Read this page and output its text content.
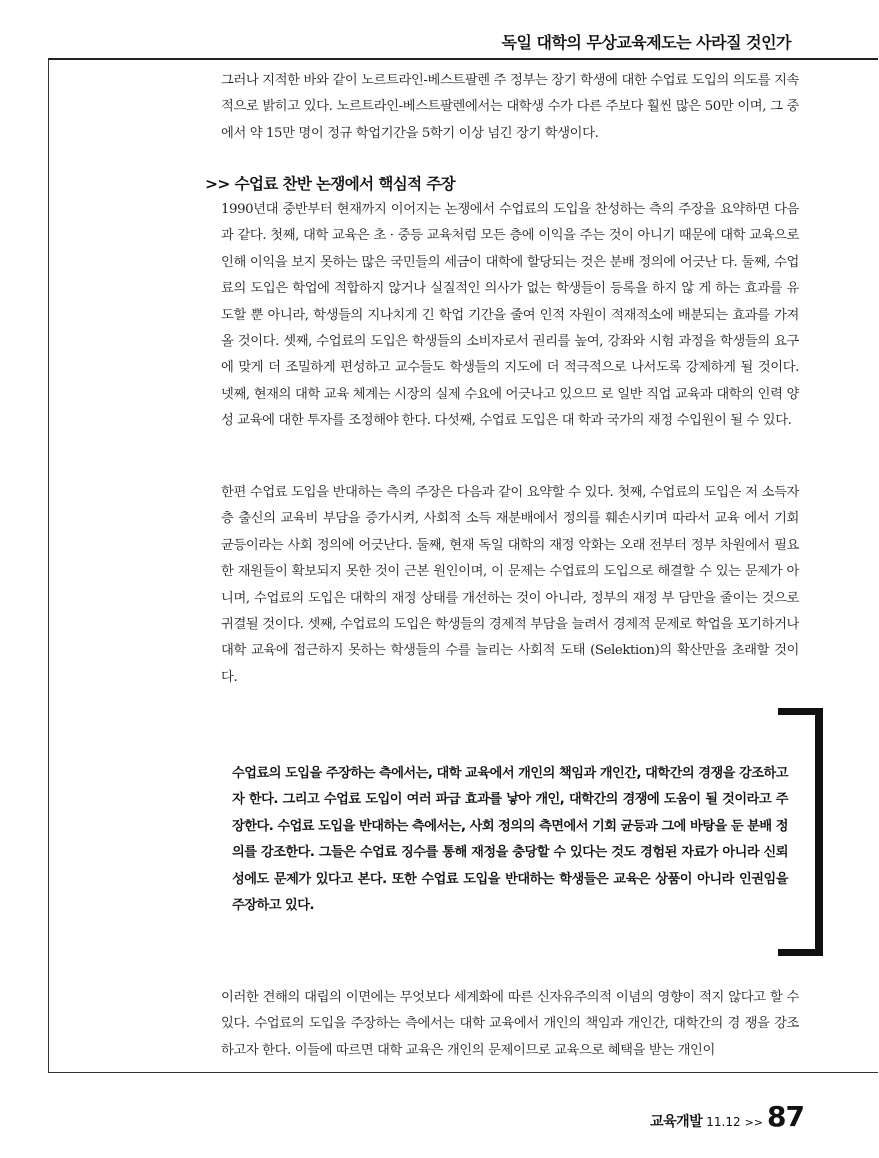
독일 대학의 무상교육제도는 사라질 것인가

그러나 지적한 바와 같이 노르트라인-베스트팔렌 주 정부는 장기 학생에 대한 수업료 도입의 의도를 지속적으로 밝히고 있다. 노르트라인-베스트팔렌에서는 대학생 수가 다른 주보다 훨씬 많은 50만 이며, 그 중에서 약 15만 명이 정규 학업기간을 5학기 이상 넘긴 장기 학생이다.

>> 수업료 찬반 논쟁에서 핵심적 주장

1990년대 중반부터 현재까지 이어지는 논쟁에서 수업료의 도입을 찬성하는 측의 주장을 요약하면 다음과 같다. 첫째, 대학 교육은 초 · 중등 교육처럼 모든 층에 이익을 주는 것이 아니기 때문에 대학 교육으로 인해 이익을 보지 못하는 많은 국민들의 세금이 대학에 할당되는 것은 분배 정의에 어긋난 다. 둘째, 수업료의 도입은 학업에 적합하지 않거나 실질적인 의사가 없는 학생들이 등록을 하지 않 게 하는 효과를 유도할 뿐 아니라, 학생들의 지나치게 긴 학업 기간을 줄여 인적 자원이 적재적소에 배분되는 효과를 가져올 것이다. 셋째, 수업료의 도입은 학생들의 소비자로서 권리를 높여, 강좌와 시험 과정을 학생들의 요구에 맞게 더 조밀하게 편성하고 교수들도 학생들의 지도에 더 적극적으로 나서도록 강제하게 될 것이다. 넷째, 현재의 대학 교육 체계는 시장의 실제 수요에 어긋나고 있으므 로 일반 직업 교육과 대학의 인력 양성 교육에 대한 투자를 조정해야 한다. 다섯째, 수업료 도입은 대 학과 국가의 재정 수입원이 될 수 있다.

한편 수업료 도입을 반대하는 측의 주장은 다음과 같이 요약할 수 있다. 첫째, 수업료의 도입은 저 소득자층 출신의 교육비 부담을 증가시켜, 사회적 소득 재분배에서 정의를 훼손시키며 따라서 교육 에서 기회 균등이라는 사회 정의에 어긋난다. 둘째, 현재 독일 대학의 재정 악화는 오래 전부터 정부 차원에서 필요한 재원들이 확보되지 못한 것이 근본 원인이며, 이 문제는 수업료의 도입으로 해결할 수 있는 문제가 아니며, 수업료의 도입은 대학의 재정 상태를 개선하는 것이 아니라, 정부의 재정 부 담만을 줄이는 것으로 귀결될 것이다. 셋째, 수업료의 도입은 학생들의 경제적 부담을 늘려서 경제적 문제로 학업을 포기하거나 대학 교육에 접근하지 못하는 학생들의 수를 늘리는 사회적 도태 (Selektion)의 확산만을 초래할 것이다.

수업료의 도입을 주장하는 측에서는, 대학 교육에서 개인의 책임과 개인간, 대학간의 경쟁을 강조하고자 한다. 그리고 수업료 도입이 여러 파급 효과를 낳아 개인, 대학간의 경쟁에 도움이 될 것이라고 주장한다. 수업료 도입을 반대하는 측에서는, 사회 정의의 측면에서 기회 균등과 그에 바탕을 둔 분배 정의를 강조한다. 그들은 수업료 징수를 통해 재정을 충당할 수 있다는 것도 경험된 자료가 아니라 신뢰성에도 문제가 있다고 본다. 또한 수업료 도입을 반대하는 학생들은 교육은 상품이 아니라 인권임을 주장하고 있다.

이러한 견해의 대립의 이면에는 무엇보다 세계화에 따른 신자유주의적 이념의 영향이 적지 않다고 할 수 있다. 수업료의 도입을 주장하는 측에서는 대학 교육에서 개인의 책임과 개인간, 대학간의 경 쟁을 강조하고자 한다. 이들에 따르면 대학 교육은 개인의 문제이므로 교육으로 혜택을 받는 개인이

교육개발 11.12 >> 87
